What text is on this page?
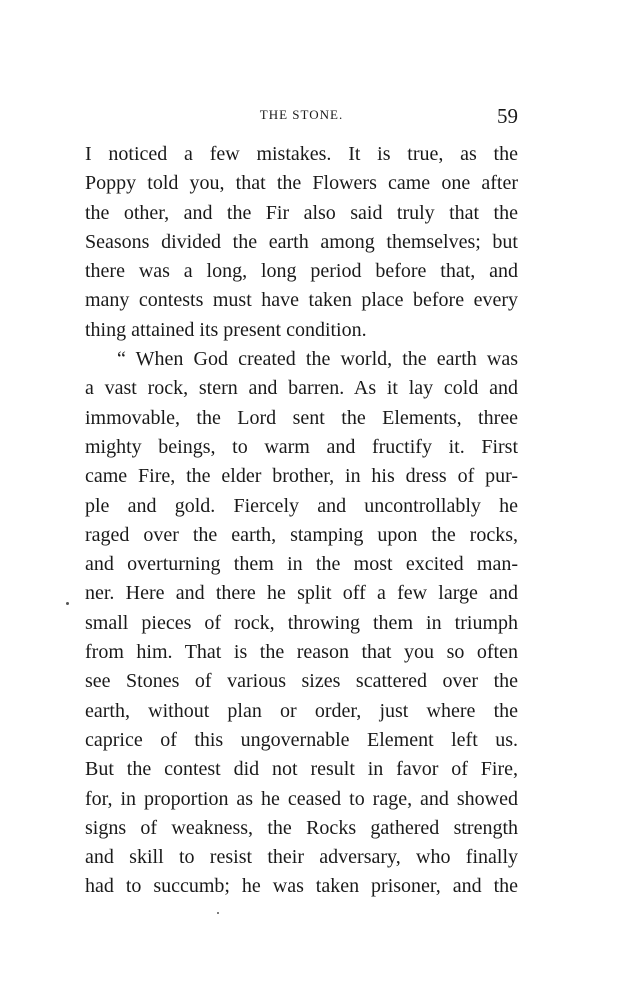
THE STONE.	59
I noticed a few mistakes. It is true, as the
Poppy told you, that the Flowers came one after
the other, and the Fir also said truly that the
Seasons divided the earth among themselves; but
there was a long, long period before that, and
many contests must have taken place before every
thing attained its present condition.
“ When God created the world, the earth was
a vast rock, stern and barren. As it lay cold and
immovable, the Lord sent the Elements, three
mighty beings, to warm and fructify it. First
came Fire, the elder brother, in his dress of pur-
ple and gold. Fiercely and uncontrollably he
raged over the earth, stamping upon the rocks,
and overturning them in the most excited man-
ner. Here and there he split off a few large and
small pieces of rock, throwing them in triumph
from him. That is the reason that you so often
see Stones of various sizes scattered over the
earth, without plan or order, just where the
caprice of this ungovernable Element left us.
But the contest did not result in favor of Fire,
for, in proportion as he ceased to rage, and showed
signs of weakness, the Rocks gathered strength
and skill to resist their adversary, who finally
had to succumb; he was taken prisoner, and the
